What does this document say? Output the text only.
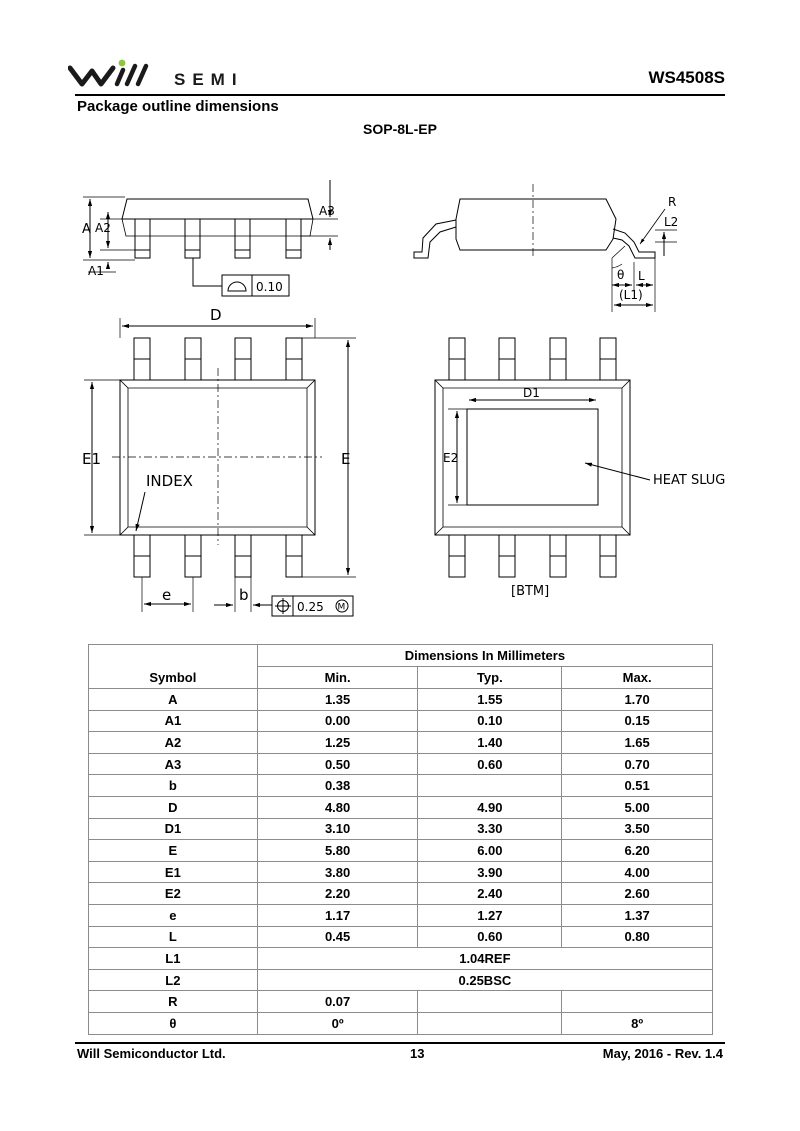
SEMI	WS4508S
Package outline dimensions
SOP-8L-EP
A A2
A1
A3
0.10
R
L2
θ L
(L1)
D
E1	E
INDEX
e	b
0.25 M
D1
E2
HEAT SLUG
[BTM]
Symbol	Dimensions In Millimeters		
	Min.	Typ.	Max.
A	1.35	1.55	1.70
A1	0.00	0.10	0.15
A2	1.25	1.40	1.65
A3	0.50	0.60	0.70
b	0.38		0.51
D	4.80	4.90	5.00
D1	3.10	3.30	3.50
E	5.80	6.00	6.20
E1	3.80	3.90	4.00
E2	2.20	2.40	2.60
e	1.17	1.27	1.37
L	0.45	0.60	0.80
L1	1.04REF		
L2	0.25BSC		
R	0.07		
θ	0º		8º
Will Semiconductor Ltd.	13	May, 2016 - Rev. 1.4
